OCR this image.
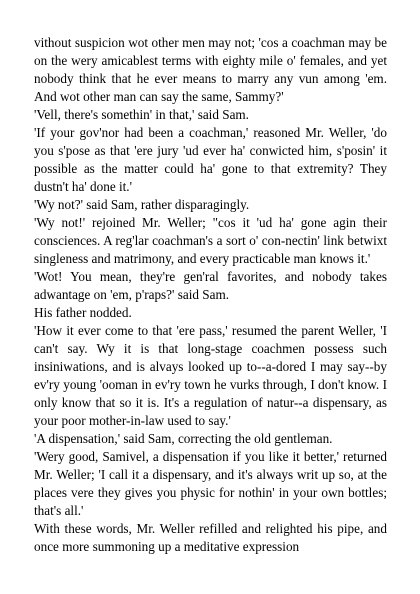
vithout suspicion wot other men may not; 'cos a coachman may be on the wery amicablest terms with eighty mile o' females, and yet nobody think that he ever means to marry any vun among 'em. And wot other man can say the same, Sammy?'

'Vell, there's somethin' in that,' said Sam.

'If your gov'nor had been a coachman,' reasoned Mr. Weller, 'do you s'pose as that 'ere jury 'ud ever ha' conwicted him, s'posin' it possible as the matter could ha' gone to that extremity? They dustn't ha' done it.'

'Wy not?' said Sam, rather disparagingly.

'Wy not!' rejoined Mr. Weller; "cos it 'ud ha' gone agin their consciences. A reg'lar coachman's a sort o' con-nectin' link betwixt singleness and matrimony, and every practicable man knows it.'

'Wot! You mean, they're gen'ral favorites, and nobody takes adwantage on 'em, p'raps?' said Sam.

His father nodded.

'How it ever come to that 'ere pass,' resumed the parent Weller, 'I can't say. Wy it is that long-stage coachmen possess such insiniwations, and is alvays looked up to--a-dored I may say--by ev'ry young 'ooman in ev'ry town he vurks through, I don't know. I only know that so it is. It's a regulation of natur--a dispensary, as your poor mother-in-law used to say.'

'A dispensation,' said Sam, correcting the old gentleman.

'Wery good, Samivel, a dispensation if you like it better,' returned Mr. Weller; 'I call it a dispensary, and it's always writ up so, at the places vere they gives you physic for nothin' in your own bottles; that's all.'

With these words, Mr. Weller refilled and relighted his pipe, and once more summoning up a meditative expression
